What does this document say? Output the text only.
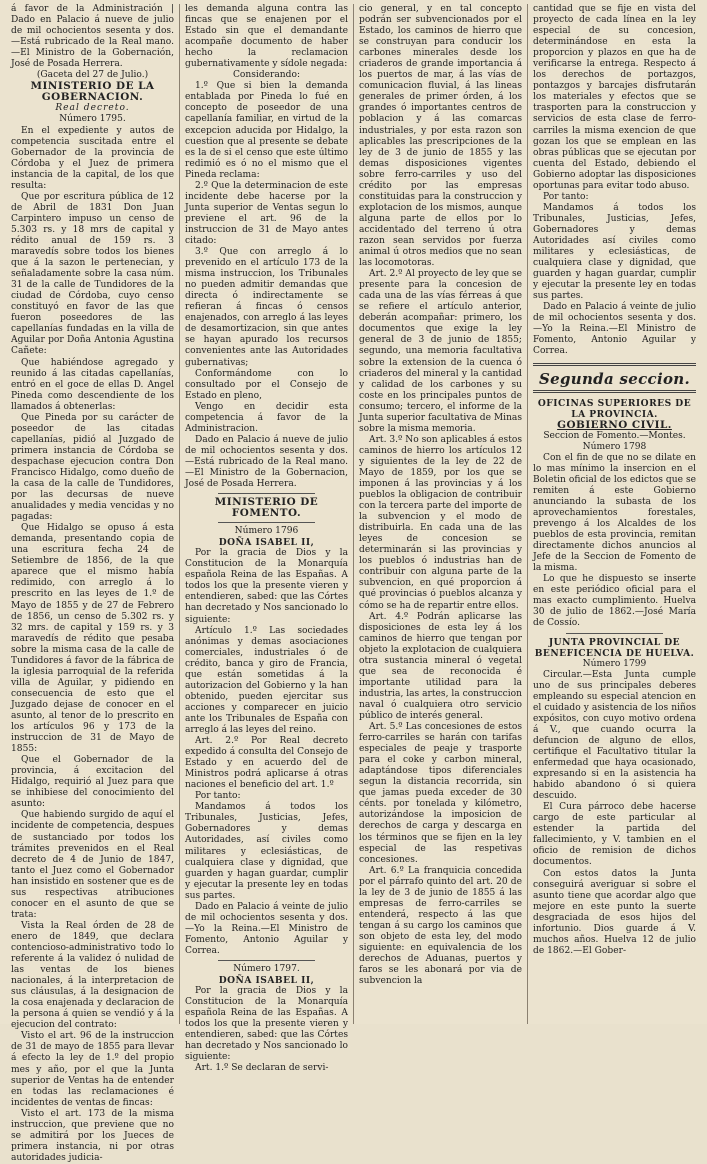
á favor de la Administración | Dado en Palacio á nueve de julio de mil ochocientos sesenta y dos.—Está rubricado de la Real mano.—El Ministro de la Gobernación, José de Posada Herrera.

(Gaceta del 27 de Julio.)

MINISTERIO DE LA GOBERNACION.

Real decreto.

Número 1795.

En el expediente y autos de competencia suscitada entre el Gobernador de la provincia de Córdoba y el Juez de primera instancia de la capital, de los que resulta:

Que por escritura pública de 12 de Abril de 1831 Don Juan Carpintero impuso un censo de 5.303 rs. y 18 mrs de capital y rédito anual de 159 rs. 3 maravedís sobre todos los bienes que á la sazon le pertenecian, y señaladamente sobre la casa núm. 31 de la calle de Tundidores de la ciudad de Córdoba, cuyo censo constituyó en favor de las que fueron poseedores de las capellanías fundadas en la villa de Aguilar por Doña Antonia Agustina Cañete:

Que habiéndose agregado y reunido á las citadas capellanías, entró en el goce de ellas D. Angel Pineda como descendiente de los llamados á obtenerlas:

Que Pineda por su carácter de poseedor de las citadas capellanías, pidió al Juzgado de primera instancia de Córdoba se despachase ejecucion contra Don Francisco Hidalgo, como dueño de la casa de la calle de Tundidores, por las decursas de nueve anualidades y media vencidas y no pagadas:

Que Hidalgo se opuso á esta demanda, presentando copia de una escritura fecha 24 de Setiembre de 1856, de la que aparece que el mismo había redimido, con arreglo á lo prescrito en las leyes de 1.º de Mayo de 1855 y de 27 de Febrero de 1856, un censo de 5.302 rs. y 32 mrs. de capital y 159 rs. y 3 maravedís de rédito que pesaba sobre la misma casa de la calle de Tundidores á favor de la fábrica de la iglesia parroquial de la referida villa de Aguilar, y pidiendo en consecuencia de esto que el Juzgado dejase de conocer en el asunto, al tenor de lo prescrito en los artículos 96 y 173 de la instruccion de 31 de Mayo de 1855:

Que el Gobernador de la provincia, á excitacion del Hidalgo, requirió al Juez para que se inhibiese del conocimiento del asunto:

Que habiendo surgido de aquí el incidente de competencia, despues de sustanciado por todos los trámites prevenidos en el Real decreto de 4 de Junio de 1847, tanto el Juez como el Gobernador han insistido en sostener que es de sus respectivas atribuciones conocer en el asunto de que se trata:

Vista la Real órden de 28 de enero de 1849, que declara contencioso-administrativo todo lo referente á la validez ó nulidad de las ventas de los bienes nacionales, á la interpretacion de sus cláusulas, á la designacion de la cosa enajenada y declaracion de la persona á quien se vendió y á la ejecucion del contrato:

Visto el art. 96 de la instruccion de 31 de mayo de 1855 para llevar á efecto la ley de 1.º del propio mes y año, por el que la Junta superior de Ventas ha de entender en todas las reclamaciones é incidentes de ventas de fincas:

Visto el art. 173 de la misma instruccion, que previene que no se admitirá por los Jueces de primera instancia, ni por otras autoridades judicia-

les demanda alguna contra las fincas que se enajenen por el Estado sin que el demandante acompañe documento de haber hecho la reclamacion gubernativamente y sídole negada:

Considerando:

1.º Que si bien la demanda entablada por Pineda lo fué en concepto de poseedor de una capellanía familiar, en virtud de la excepcion aducida por Hidalgo, la cuestion que al presente se debate es la de si el censo que este último redimió es ó no el mismo que el Pineda reclama:

2.º Que la determinacion de este incidente debe hacerse por la Junta superior de Ventas segun lo previene el art. 96 de la instruccion de 31 de Mayo antes citado:

3.º Que con arreglo á lo prevenido en el artículo 173 de la misma instruccion, los Tribunales no pueden admitir demandas que directa ó indirectamente se refieran á fincas ó censos enajenados, con arreglo á las leyes de desamortizacion, sin que antes se hayan apurado los recursos convenientes ante las Autoridades gubernativas;

Conformándome con lo consultado por el Consejo de Estado en pleno,

Vengo en decidir esta competencia á favor de la Administracion.

Dado en Palacio á nueve de julio de mil ochocientos sesenta y dos.—Está rubricado de la Real mano.—El Ministro de la Gobernacion, José de Posada Herrera.

MINISTERIO DE FOMENTO.

Número 1796

DOÑA ISABEL II,

Por la gracia de Dios y la Constitucion de la Monarquía española Reina de las Españas. A todos los que la presente vieren y entendieren, sabed: que las Córtes han decretado y Nos sancionado lo siguiente:

Artículo 1.º Las sociedades anónimas y demas asociaciones comerciales, industriales ó de crédito, banca y giro de Francia, que están sometidas á la autorizacion del Gobierno y la han obtenido, pueden ejercitar sus acciones y comparecer en juicio ante los Tribunales de España con arreglo á las leyes del reino.

Art. 2.º Por Real decreto expedido á consulta del Consejo de Estado y en acuerdo del de Ministros podrá aplicarse á otras naciones el beneficio del art. 1.º

Por tanto:

Mandamos á todos los Tribunales, Justicias, Jefes, Gobernadores y demas Autoridades, así civiles como militares y eclesiásticas, de cualquiera clase y dignidad, que guarden y hagan guardar, cumplir y ejecutar la presente ley en todas sus partes.

Dado en Palacio á veinte de julio de mil ochocientos sesenta y dos.—Yo la Reina.—El Ministro de Fomento, Antonio Aguilar y Correa.

Número 1797.

DOÑA ISABEL II,

Por la gracia de Dios y la Constitucion de la Monarquía española Reina de las Españas. A todos los que la presente vieren y entendieren, sabed: que las Córtes han decretado y Nos sancionado lo siguiente:

Art. 1.º Se declaran de servi-

cio general, y en tal concepto podrán ser subvencionados por el Estado, los caminos de hierro que se construyan para conducir los carbones minerales desde los criaderos de grande importancia á los puertos de mar, á las vías de comunicacion fluvial, á las lineas generales de primer órden, á los grandes ó importantes centros de poblacion y á las comarcas industriales, y por esta razon son aplicables las prescripciones de la ley de 3 de junio de 1855 y las demas disposiciones vigentes sobre ferro-carriles y uso del crédito por las empresas constituidas para la construccion y explotacion de los mismos, aunque alguna parte de ellos por lo accidentado del terreno ú otra razon sean servidos por fuerza animal ú otros medios que no sean las locomotoras.

Art. 2.º Al proyecto de ley que se presente para la concesion de cada una de las vías férreas á que se refiere el artículo anterior, deberán acompañar: primero, los documentos que exige la ley general de 3 de junio de 1855; segundo, una memoria facultativa sobre la extension de la cuenca ó criaderos del mineral y la cantidad y calidad de los carbones y su coste en los principales puntos de consumo; tercero, el informe de la Junta superior facultativa de Minas sobre la misma memoria.

Art. 3.º No son aplicables á estos caminos de hierro los artículos 12 y siguientes de la ley de 22 de Mayo de 1859, por los que se imponen á las provincias y á los pueblos la obligacion de contribuir con la tercera parte del importe de la subvencion y el modo de distribuirla. En cada una de las leyes de concesion se determinarán si las provincias y los pueblos ó industrias han de contribuir con alguna parte de la subvencion, en qué proporcion á qué provincias ó pueblos alcanza y cómo se ha de repartir entre ellos.

Art. 4.º Podrán aplicarse las disposiciones de esta ley á los caminos de hierro que tengan por objeto la explotacion de cualquiera otra sustancia mineral ó vegetal que sea de reconocida é importante utilidad para la industria, las artes, la construccion naval ó cualquiera otro servicio público de interés general.

Art. 5.º Las concesiones de estos ferro-carriles se harán con tarifas especiales de peaje y trasporte para el coke y carbon mineral, adaptándose tipos diferenciales segun la distancia recorrida, sin que jamas pueda exceder de 30 cénts. por tonelada y kilómetro, autorizándose la imposicion de derechos de carga y descarga en los términos que se fijen en la ley especial de las respetivas concesiones.

Art. 6.º La franquicia concedida por el párrafo quinto del art. 20 de la ley de 3 de junio de 1855 á las empresas de ferro-carriles se entenderá, respecto á las que tengan á su cargo los caminos que son objeto de esta ley, del modo siguiente: en equivalencia de los derechos de Aduanas, puertos y faros se les abonará por via de subvencion la

cantidad que se fije en vista del proyecto de cada línea en la ley especial de su concesion, determinándose en esta la proporcion y plazos en que ha de verificarse la entrega. Respecto á los derechos de portazgos, pontazgos y barcajes disfrutarán los materiales y efectos que se trasporten para la construccion y servicios de esta clase de ferro-carriles la misma exencion de que gozan los que se emplean en las obras públicas que se ejecutan por cuenta del Estado, debiendo el Gobierno adoptar las disposiciones oportunas para evitar todo abuso.

Por tanto:

Mandamos á todos los Tribunales, Justicias, Jefes, Gobernadores y demas Autoridades así civiles como militares y eclesiásticas, de cualquiera clase y dignidad, que guarden y hagan guardar, cumplir y ejecutar la presente ley en todas sus partes.

Dado en Palacio á veinte de julio de mil ochocientos sesenta y dos.—Yo la Reina.—El Ministro de Fomento, Antonio Aguilar y Correa.

Segunda seccion.

OFICINAS SUPERIORES DE LA PROVINCIA.

GOBIERNO CIVIL.

Seccion de Fomento.—Montes.

Número 1798

Con el fin de que no se dilate en lo mas mínimo la insercion en el Boletin oficial de los edictos que se remiten á este Gobierno anunciando la subasta de los aprovechamientos forestales, prevengo á los Alcaldes de los pueblos de esta provincia, remitan directamente dichos anuncios al Jefe de la Seccion de Fomento de la misma.

Lo que he dispuesto se inserte en este periódico oficial para el mas exacto cumplimiento. Huelva 30 de julio de 1862.—José María de Cossío.

JUNTA PROVINCIAL DE BENEFICENCIA DE HUELVA.

Número 1799

Circular.—Esta Junta cumple uno de sus principales deberes empleando su especial atencion en el cuidado y asistencia de los niños expósitos, con cuyo motivo ordena á V., que cuando ocurra la defuncion de alguno de ellos, certifique el Facultativo titular la enfermedad que haya ocasionado, expresando si en la asistencia ha habido abandono ó si quiera descuido.

El Cura párroco debe hacerse cargo de este particular al estender la partida del fallecimiento, y V. tambien en el oficio de remision de dichos documentos.

Con estos datos la Junta conseguirá averiguar si sobre el asunto tiene que acordar algo que mejore en este punto la suerte desgraciada de esos hijos del infortunio. Dios guarde á V. muchos años. Huelva 12 de julio de 1862.—El Gober-
